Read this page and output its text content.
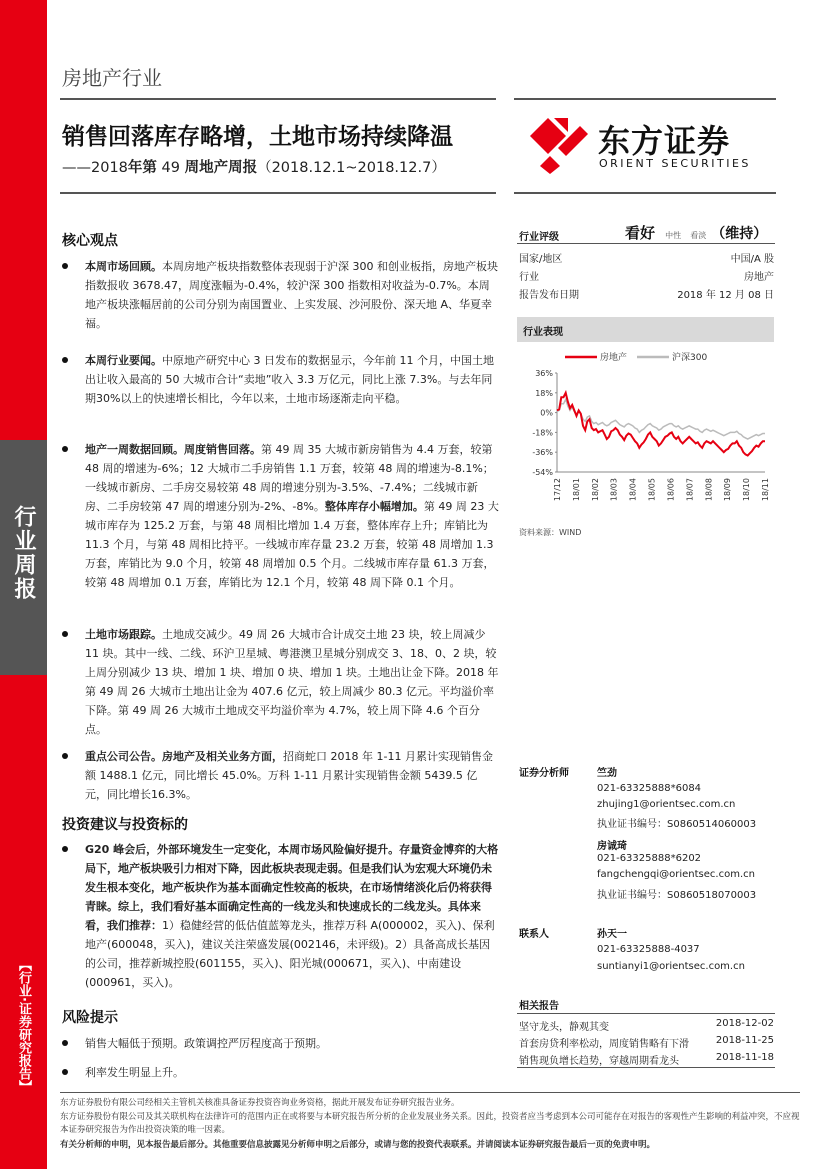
行业周报
【行业·证券研究报告】
房地产行业
销售回落库存略增，土地市场持续降温
——2018年第 49 周地产周报（2018.12.1~2018.12.7）
东方证券
ORIENT SECURITIES
核心观点
本周市场回顾。本周房地产板块指数整体表现弱于沪深 300 和创业板指，房地产板块指数报收 3678.47，周度涨幅为-0.4%，较沪深 300 指数相对收益为-0.7%。本周地产板块涨幅居前的公司分别为南国置业、上实发展、沙河股份、深天地 A、华夏幸福。
本周行业要闻。中原地产研究中心 3 日发布的数据显示，今年前 11 个月，中国土地出让收入最高的 50 大城市合计“卖地”收入 3.3 万亿元，同比上涨 7.3%。与去年同期30%以上的快速增长相比，今年以来，土地市场逐渐走向平稳。
地产一周数据回顾。周度销售回落。第 49 周 35 大城市新房销售为 4.4 万套，较第 48 周的增速为-6%；12 大城市二手房销售 1.1 万套，较第 48 周的增速为-8.1%；一线城市新房、二手房交易较第 48 周的增速分别为-3.5%、-7.4%；二线城市新房、二手房较第 47 周的增速分别为-2%、-8%。整体库存小幅增加。第 49 周 23 大城市库存为 125.2 万套，与第 48 周相比增加 1.4 万套，整体库存上升；库销比为 11.3 个月，与第 48 周相比持平。一线城市库存量 23.2 万套，较第 48 周增加 1.3 万套，库销比为 9.0 个月，较第 48 周增加 0.5 个月。二线城市库存量 61.3 万套，较第 48 周增加 0.1 万套，库销比为 12.1 个月，较第 48 周下降 0.1 个月。
土地市场跟踪。土地成交减少。49 周 26 大城市合计成交土地 23 块，较上周减少 11 块。其中一线、二线、环沪卫星城、粤港澳卫星城分别成交 3、18、0、2 块，较上周分别减少 13 块、增加 1 块、增加 0 块、增加 1 块。土地出让金下降。2018 年第 49 周 26 大城市土地出让金为 407.6 亿元，较上周减少 80.3 亿元。平均溢价率下降。第 49 周 26 大城市土地成交平均溢价率为 4.7%，较上周下降 4.6 个百分点。
重点公司公告。房地产及相关业务方面，招商蛇口 2018 年 1-11 月累计实现销售金额 1488.1 亿元，同比增长 45.0%。万科 1-11 月累计实现销售金额 5439.5 亿元，同比增长16.3%。
投资建议与投资标的
G20 峰会后，外部环境发生一定变化，本周市场风险偏好提升。存量资金博弈的大格局下，地产板块吸引力相对下降，因此板块表现走弱。但是我们认为宏观大环境仍未发生根本变化，地产板块作为基本面确定性较高的板块，在市场情绪淡化后仍将获得青睐。综上，我们看好基本面确定性高的一线龙头和快速成长的二线龙头。具体来看，我们推荐：1）稳健经营的低估值蓝筹龙头，推荐万科 A(000002，买入)、保利地产(600048，买入)，建议关注荣盛发展(002146，未评级)。2）具备高成长基因的公司，推荐新城控股(601155，买入)、阳光城(000671，买入)、中南建设(000961，买入)。
风险提示
销售大幅低于预期。政策调控严厉程度高于预期。
利率发生明显上升。
行业评级	看好 中性 看淡 （维持）
国家/地区	中国/A 股
行业	房地产
报告发布日期	2018 年 12 月 08 日
行业表现
房地产	沪深300
36%
18%
0%
-18%
-36%
-54%
17/12 18/01 18/02 18/03 18/04 18/05 18/06 18/07 18/08 18/09 18/10 18/11
资料来源：WIND
证券分析师	竺劲
021-63325888*6084
zhujing1@orientsec.com.cn
执业证书编号：S0860514060003
房诚琦
021-63325888*6202
fangchengqi@orientsec.com.cn
执业证书编号：S0860518070003
联系人	孙天一
021-63325888-4037
suntianyi1@orientsec.com.cn
相关报告
坚守龙头，静观其变	2018-12-02
首套房贷利率松动，周度销售略有下滑	2018-11-25
销售现负增长趋势，穿越周期看龙头	2018-11-18
东方证券股份有限公司经相关主管机关核准具备证券投资咨询业务资格，据此开展发布证券研究报告业务。
东方证券股份有限公司及其关联机构在法律许可的范围内正在或将要与本研究报告所分析的企业发展业务关系。因此，投资者应当考虑到本公司可能存在对报告的客观性产生影响的利益冲突，不应视本证券研究报告为作出投资决策的唯一因素。
有关分析师的申明，见本报告最后部分。其他重要信息披露见分析师申明之后部分，或请与您的投资代表联系。并请阅读本证券研究报告最后一页的免责申明。
